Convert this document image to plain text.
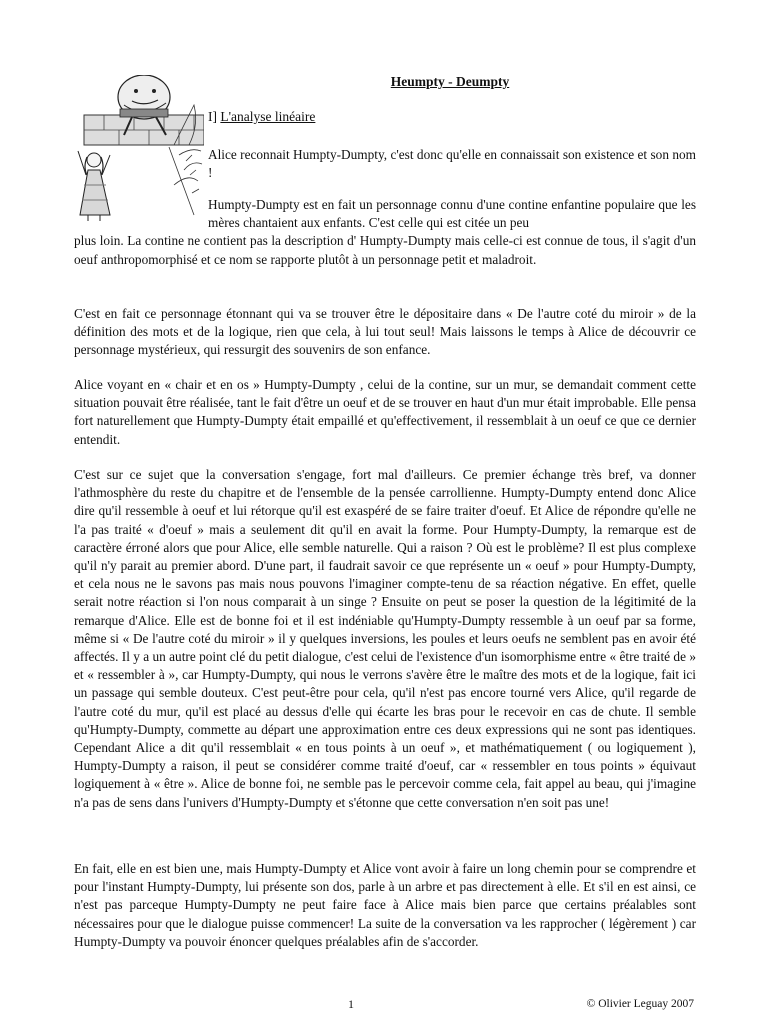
Heumpty - Deumpty
I] L'analyse linéaire
Alice reconnait Humpty-Dumpty, c'est donc qu'elle en connaissait son existence et son nom !
Humpty-Dumpty est en fait un personnage connu d'une contine enfantine populaire que les mères chantaient aux enfants. C'est celle qui est citée un peu
plus loin. La contine ne contient pas la description d' Humpty-Dumpty mais celle-ci est connue de tous, il s'agit d'un oeuf anthropomorphisé et ce nom se rapporte plutôt à un personnage petit et maladroit.
C'est en fait ce personnage étonnant qui va se trouver être le dépositaire dans « De l'autre coté du miroir » de la définition des mots et de la logique, rien que cela, à lui tout seul! Mais laissons le temps à Alice de découvrir ce personnage mystérieux, qui ressurgit des souvenirs de son enfance.
Alice voyant en « chair et en os » Humpty-Dumpty , celui de la contine, sur un mur, se demandait comment cette situation pouvait être réalisée, tant le fait d'être un oeuf et de se trouver en haut d'un mur était improbable. Elle pensa fort naturellement que Humpty-Dumpty était empaillé et qu'effectivement, il ressemblait à un oeuf ce que ce dernier entendit.
C'est sur ce sujet que la conversation s'engage, fort mal d'ailleurs. Ce premier échange très bref, va donner l'athmosphère du reste du chapitre et de l'ensemble de la pensée carrollienne. Humpty-Dumpty entend donc Alice dire qu'il ressemble à oeuf et lui rétorque qu'il est exaspéré de se faire traiter d'oeuf. Et Alice de répondre qu'elle ne l'a pas traité « d'oeuf » mais a seulement dit qu'il en avait la forme. Pour Humpty-Dumpty, la remarque est de caractère érroné alors que pour Alice, elle semble naturelle. Qui a raison ? Où est le problème? Il est plus complexe qu'il n'y parait au premier abord. D'une part, il faudrait savoir ce que représente un « oeuf » pour Humpty-Dumpty, et cela nous ne le savons pas mais nous pouvons l'imaginer compte-tenu de sa réaction négative. En effet, quelle serait notre réaction si l'on nous comparait à un singe ? Ensuite on peut se poser la question de la légitimité de la remarque d'Alice. Elle est de bonne foi et il est indéniable qu'Humpty-Dumpty ressemble à un oeuf par sa forme, même si « De l'autre coté du miroir » il y quelques inversions, les poules et leurs oeufs ne semblent pas en avoir été affectés. Il y a un autre point clé du petit dialogue, c'est celui de l'existence d'un isomorphisme entre « être traité de » et « ressembler à », car Humpty-Dumpty, qui nous le verrons s'avère être le maître des mots et de la logique, fait ici un passage qui semble douteux. C'est peut-être pour cela, qu'il n'est pas encore tourné vers Alice, qu'il regarde de l'autre coté du mur, qu'il est placé au dessus d'elle qui écarte les bras pour le recevoir en cas de chute. Il semble qu'Humpty-Dumpty, commette au départ une approximation entre ces deux expressions qui ne sont pas identiques. Cependant Alice a dit qu'il ressemblait « en tous points à un oeuf », et mathématiquement ( ou logiquement ), Humpty-Dumpty a raison, il peut se considérer comme traité d'oeuf, car « ressembler en tous points » équivaut logiquement à « être ». Alice de bonne foi, ne semble pas le percevoir comme cela, fait appel au beau, qui j'imagine n'a pas de sens dans l'univers d'Humpty-Dumpty et s'étonne que cette conversation n'en soit pas une!
En fait, elle en est bien une, mais Humpty-Dumpty et Alice vont avoir à faire un long chemin pour se comprendre et pour l'instant Humpty-Dumpty, lui présente son dos, parle à un arbre et pas directement à elle. Et s'il en est ainsi, ce n'est pas parceque Humpty-Dumpty ne peut faire face à Alice mais bien parce que certains préalables sont nécessaires pour que le dialogue puisse commencer! La suite de la conversation va les rapprocher ( légèrement ) car Humpty-Dumpty va pouvoir énoncer quelques préalables afin de s'accorder.
1	© Olivier Leguay 2007
